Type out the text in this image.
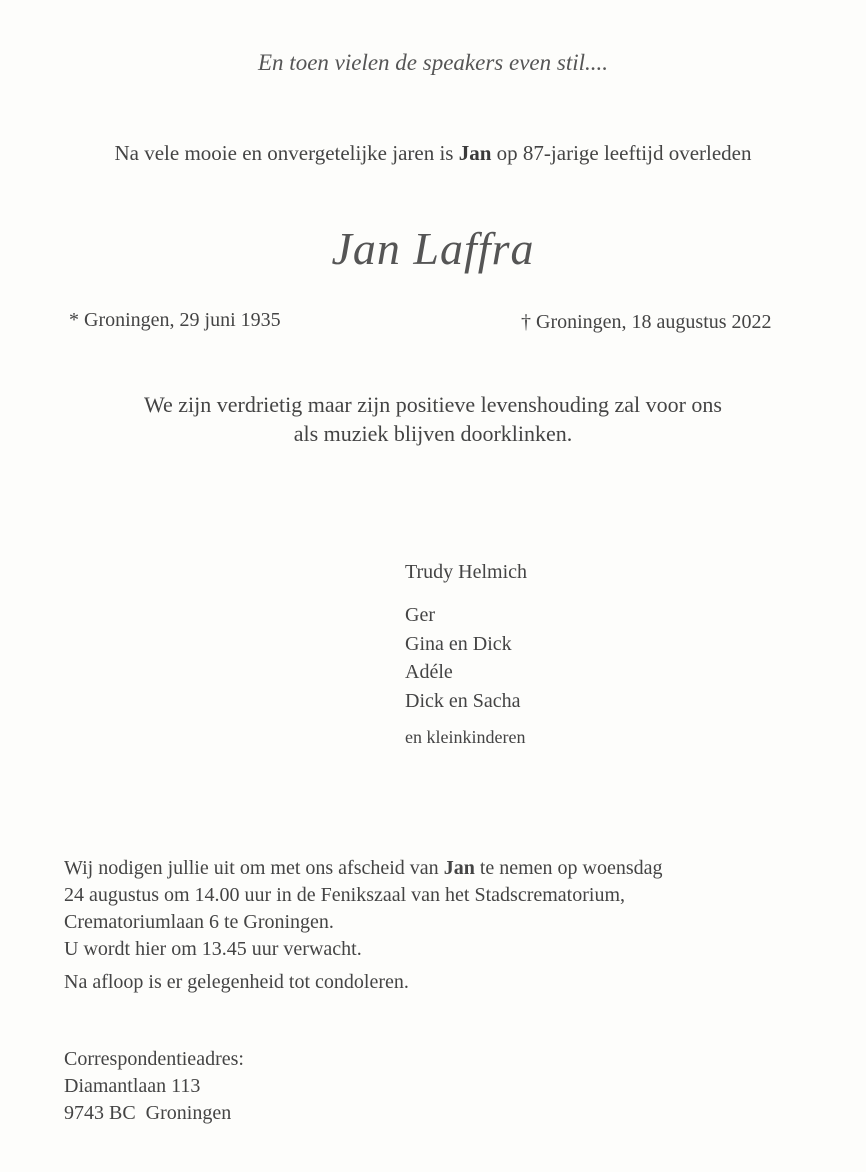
En toen vielen de speakers even stil....
Na vele mooie en onvergetelijke jaren is Jan op 87-jarige leeftijd overleden
Jan Laffra
* Groningen, 29 juni 1935	† Groningen, 18 augustus 2022
We zijn verdrietig maar zijn positieve levenshouding zal voor ons
als muziek blijven doorklinken.
Trudy Helmich
Ger
Gina en Dick
Adéle
Dick en Sacha
en kleinkinderen
Wij nodigen jullie uit om met ons afscheid van Jan te nemen op woensdag
24 augustus om 14.00 uur in de Fenikszaal van het Stadscrematorium,
Crematoriumlaan 6 te Groningen.
U wordt hier om 13.45 uur verwacht.
Na afloop is er gelegenheid tot condoleren.
Correspondentieadres:
Diamantlaan 113
9743 BC  Groningen
